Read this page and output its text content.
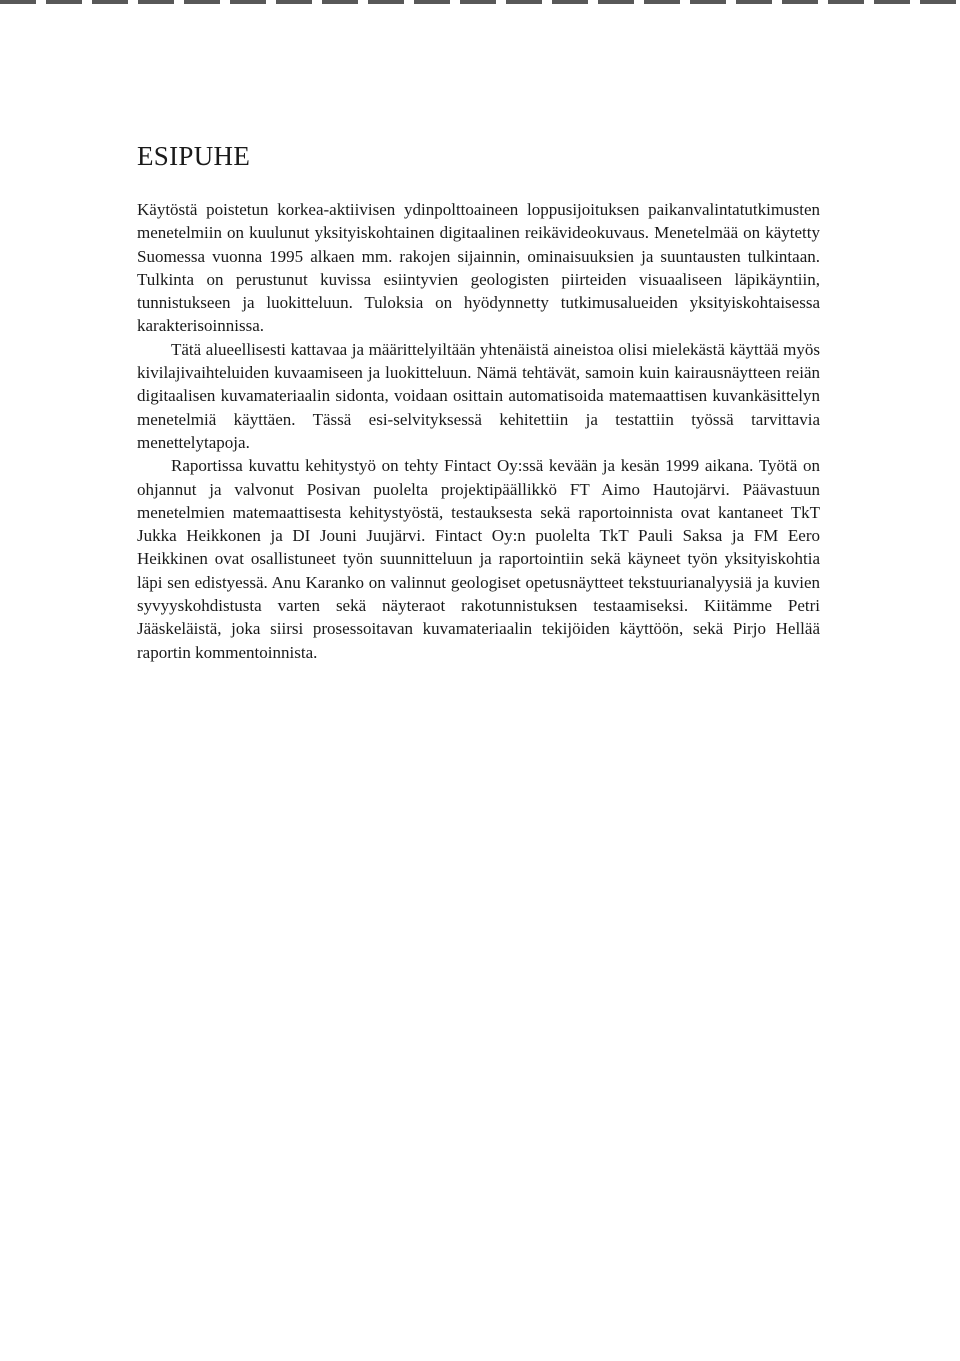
ESIPUHE

Käytöstä poistetun korkea-aktiivisen ydinpolttoaineen loppusijoituksen paikanvalintatutkimusten menetelmiin on kuulunut yksityiskohtainen digitaalinen reikävideokuvaus. Menetelmää on käytetty Suomessa vuonna 1995 alkaen mm. rakojen sijainnin, ominaisuuksien ja suuntausten tulkintaan. Tulkinta on perustunut kuvissa esiintyvien geologisten piirteiden visuaaliseen läpikäyntiin, tunnistukseen ja luokitteluun. Tuloksia on hyödynnetty tutkimusalueiden yksityiskohtaisessa karakterisoinnissa.

Tätä alueellisesti kattavaa ja määrittelyiltään yhtenäistä aineistoa olisi mielekästä käyttää myös kivilajivaihteluiden kuvaamiseen ja luokitteluun. Nämä tehtävät, samoin kuin kairausnäytteen reiän digitaalisen kuvamateriaalin sidonta, voidaan osittain automatisoida matemaattisen kuvankäsittelyn menetelmiä käyttäen. Tässä esi-selvityksessä kehitettiin ja testattiin työssä tarvittavia menettelytapoja.

Raportissa kuvattu kehitystyö on tehty Fintact Oy:ssä kevään ja kesän 1999 aikana. Työtä on ohjannut ja valvonut Posivan puolelta projektipäällikkö FT Aimo Hautojärvi. Päävastuun menetelmien matemaattisesta kehitystyöstä, testauksesta sekä raportoinnista ovat kantaneet TkT Jukka Heikkonen ja DI Jouni Juujärvi. Fintact Oy:n puolelta TkT Pauli Saksa ja FM Eero Heikkinen ovat osallistuneet työn suunnitteluun ja raportointiin sekä käyneet työn yksityiskohtia läpi sen edistyessä. Anu Karanko on valinnut geologiset opetusnäytteet tekstuurianalyysiä ja kuvien syvyyskohdistusta varten sekä näyteraot rakotunnistuksen testaamiseksi. Kiitämme Petri Jääskeläistä, joka siirsi prosessoitavan kuvamateriaalin tekijöiden käyttöön, sekä Pirjo Hellää raportin kommentoinnista.
